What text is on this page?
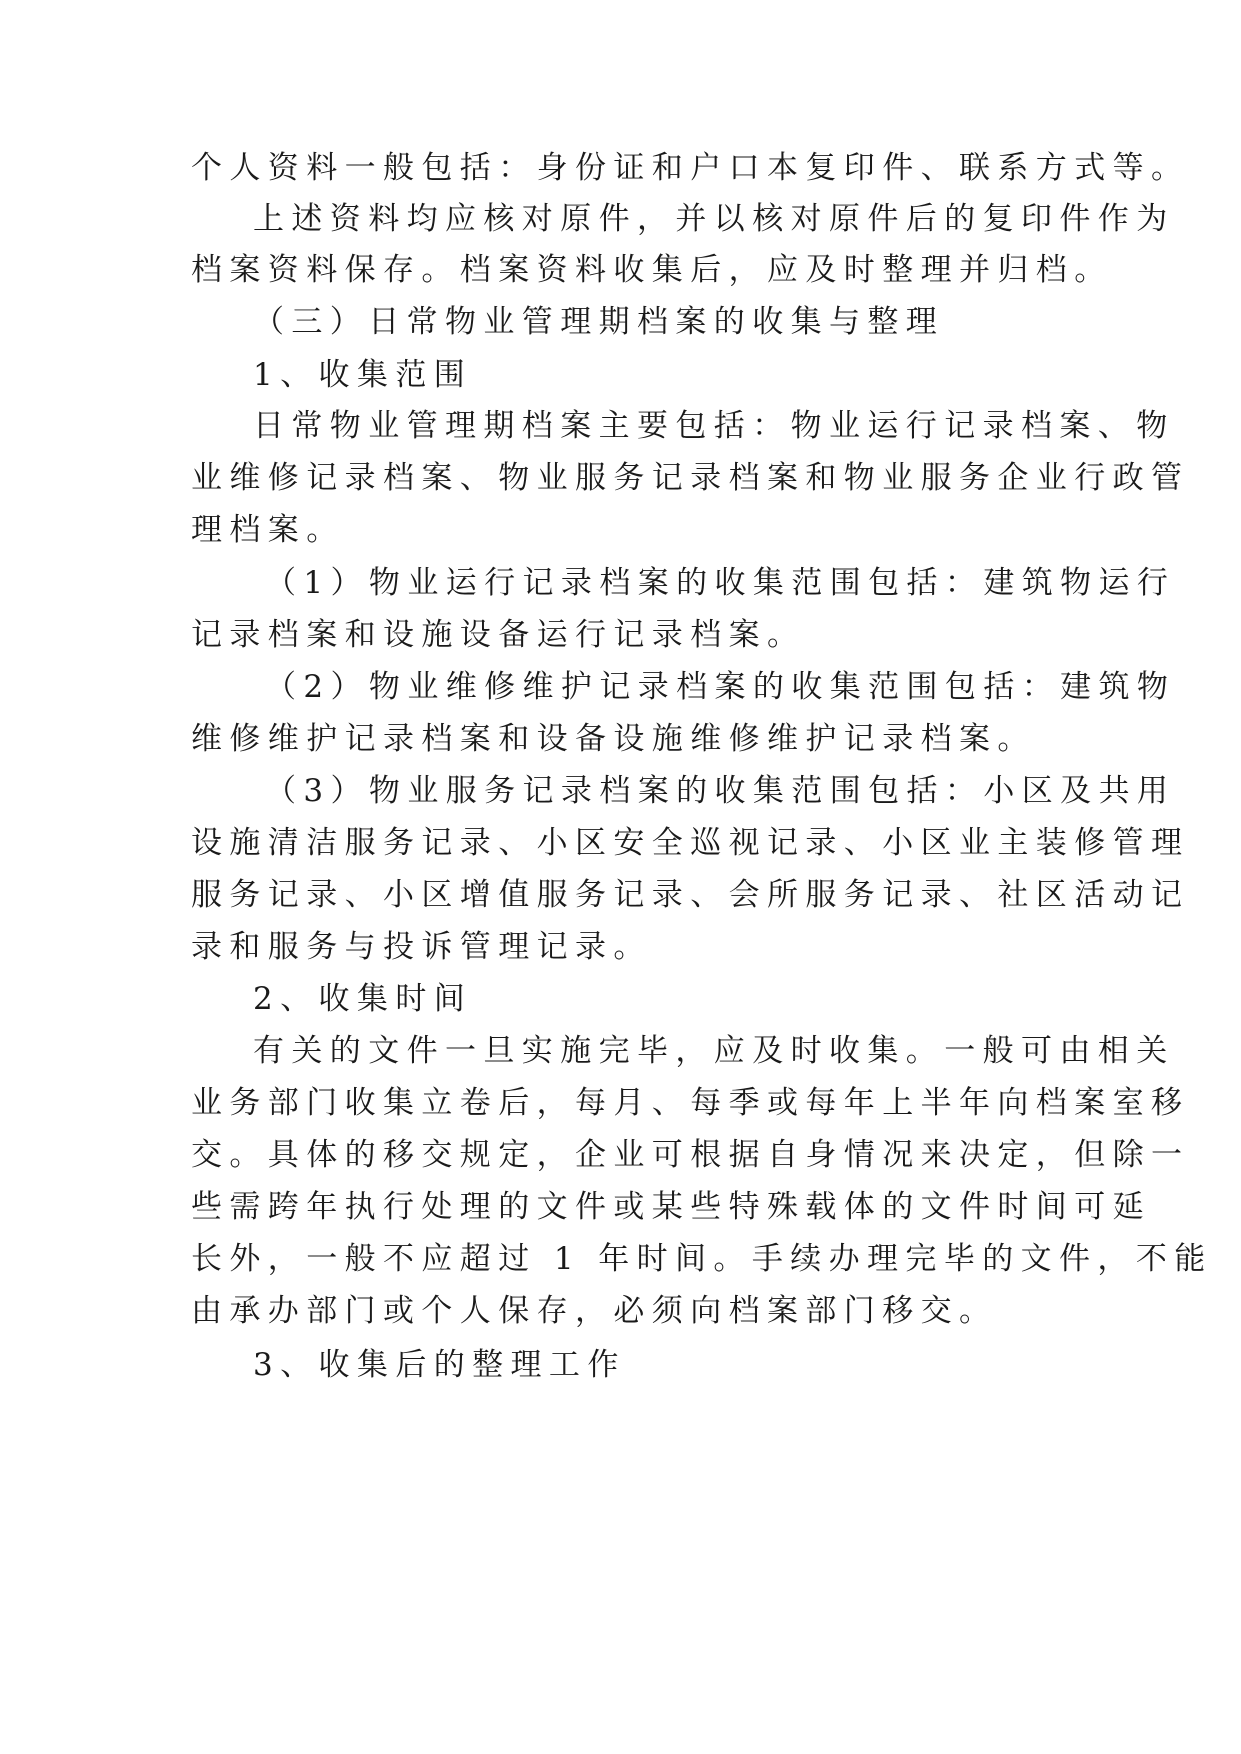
个人资料一般包括：身份证和户口本复印件、联系方式等。
上述资料均应核对原件，并以核对原件后的复印件作为
档案资料保存。档案资料收集后，应及时整理并归档。
（三）日常物业管理期档案的收集与整理
1、收集范围
日常物业管理期档案主要包括：物业运行记录档案、物
业维修记录档案、物业服务记录档案和物业服务企业行政管
理档案。
（1）物业运行记录档案的收集范围包括：建筑物运行
记录档案和设施设备运行记录档案。
（2）物业维修维护记录档案的收集范围包括：建筑物
维修维护记录档案和设备设施维修维护记录档案。
（3）物业服务记录档案的收集范围包括：小区及共用
设施清洁服务记录、小区安全巡视记录、小区业主装修管理
服务记录、小区增值服务记录、会所服务记录、社区活动记
录和服务与投诉管理记录。
2、收集时间
有关的文件一旦实施完毕，应及时收集。一般可由相关
业务部门收集立卷后，每月、每季或每年上半年向档案室移
交。具体的移交规定，企业可根据自身情况来决定，但除一
些需跨年执行处理的文件或某些特殊载体的文件时间可延
长外，一般不应超过 1 年时间。手续办理完毕的文件，不能
由承办部门或个人保存，必须向档案部门移交。
3、收集后的整理工作
